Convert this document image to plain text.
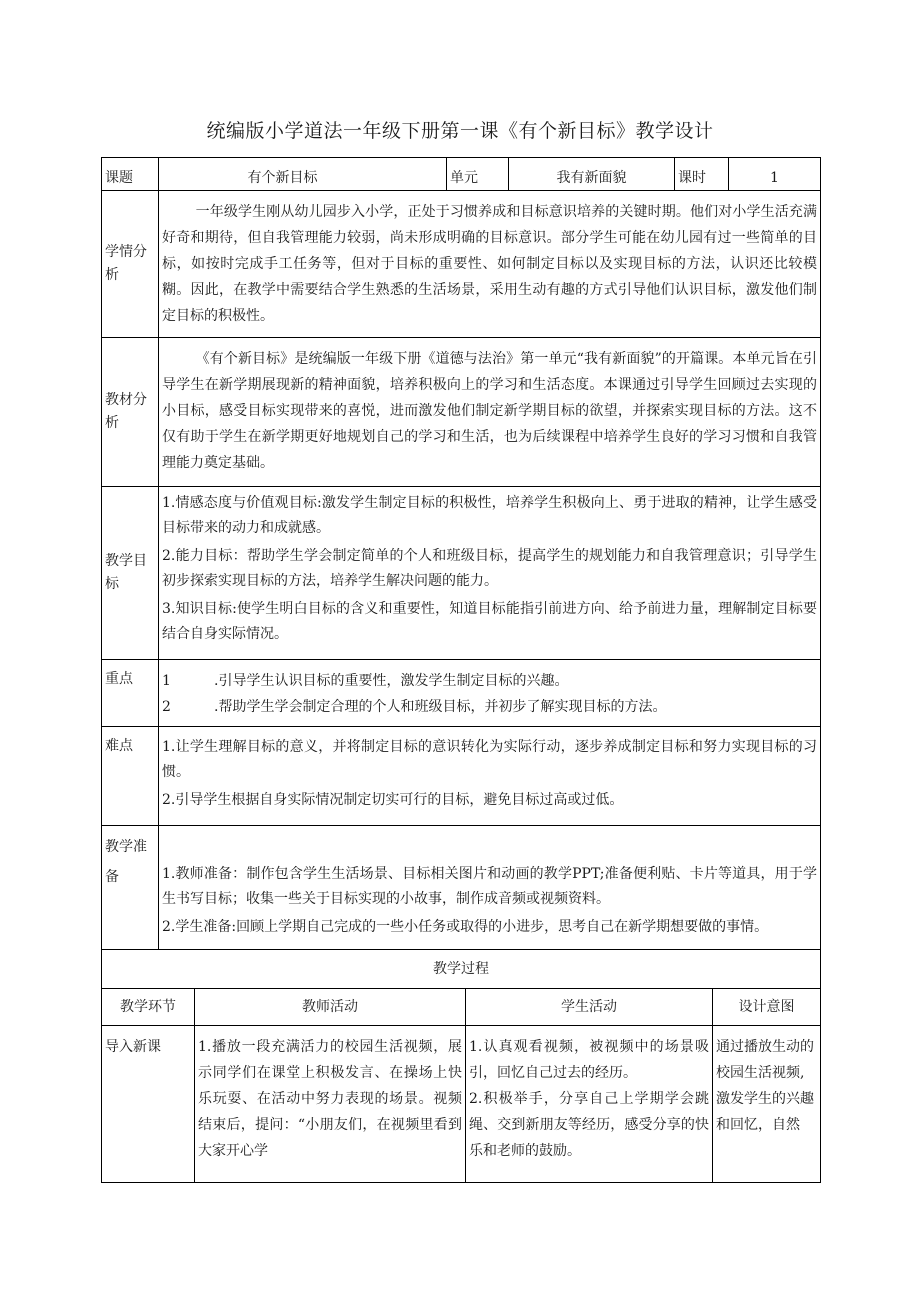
统编版小学道法一年级下册第一课《有个新目标》教学设计
课题	有个新目标	单元	我有新面貌	课时	1
学情分析	一年级学生刚从幼儿园步入小学，正处于习惯养成和目标意识培养的关键时期。他们对小学生活充满好奇和期待，但自我管理能力较弱，尚未形成明确的目标意识。部分学生可能在幼儿园有过一些简单的目标，如按时完成手工任务等，但对于目标的重要性、如何制定目标以及实现目标的方法，认识还比较模糊。因此，在教学中需要结合学生熟悉的生活场景，采用生动有趣的方式引导他们认识目标，激发他们制定目标的积极性。				
教材分析	《有个新目标》是统编版一年级下册《道德与法治》第一单元“我有新面貌”的开篇课。本单元旨在引导学生在新学期展现新的精神面貌，培养积极向上的学习和生活态度。本课通过引导学生回顾过去实现的小目标，感受目标实现带来的喜悦，进而激发他们制定新学期目标的欲望，并探索实现目标的方法。这不仅有助于学生在新学期更好地规划自己的学习和生活，也为后续课程中培养学生良好的学习习惯和自我管理能力奠定基础。				
教学目标	1.情感态度与价值观目标:激发学生制定目标的积极性，培养学生积极向上、勇于进取的精神，让学生感受目标带来的动力和成就感。

2.能力目标：帮助学生学会制定简单的个人和班级目标，提高学生的规划能力和自我管理意识；引导学生初步探索实现目标的方法，培养学生解决问题的能力。

3.知识目标:使学生明白目标的含义和重要性，知道目标能指引前进方向、给予前进力量，理解制定目标要结合自身实际情况。				

重点	1 .引导学生认识目标的重要性，激发学生制定目标的兴趣。

2 .帮助学生学会制定合理的个人和班级目标，并初步了解实现目标的方法。				

难点	1.让学生理解目标的意义，并将制定目标的意识转化为实际行动，逐步养成制定目标和努力实现目标的习惯。

2.引导学生根据自身实际情况制定切实可行的目标，避免目标过高或过低。				

教学准备	1.教师准备：制作包含学生生活场景、目标相关图片和动画的教学PPT;准备便利贴、卡片等道具，用于学生书写目标；收集一些关于目标实现的小故事，制作成音频或视频资料。

2.学生准备:回顾上学期自己完成的一些小任务或取得的小进步，思考自己在新学期想要做的事情。				

教学过程					
教学环节	教师活动	学生活动	设计意图
导入新课	1.播放一段充满活力的校园生活视频，展示同学们在课堂上积极发言、在操场上快乐玩耍、在活动中努力表现的场景。视频结束后，提问：“小朋友们，在视频里看到大家开心学	1.认真观看视频，被视频中的场景吸引，回忆自己过去的经历。

2.积极举手，分享自己上学期学会跳绳、交到新朋友等经历，感受分享的快乐和老师的鼓励。	通过播放生动的校园生活视频,激发学生的兴趣和回忆，自然
